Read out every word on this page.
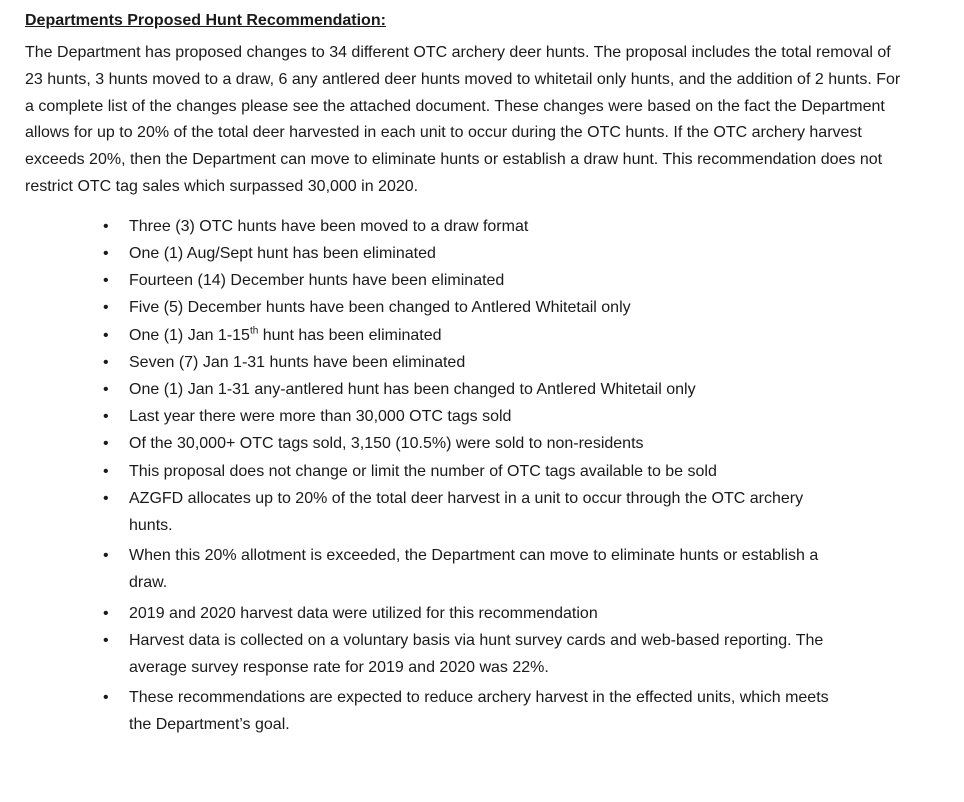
Departments Proposed Hunt Recommendation:

The Department has proposed changes to 34 different OTC archery deer hunts. The proposal includes the total removal of 23 hunts, 3 hunts moved to a draw, 6 any antlered deer hunts moved to whitetail only hunts, and the addition of 2 hunts. For a complete list of the changes please see the attached document. These changes were based on the fact the Department allows for up to 20% of the total deer harvested in each unit to occur during the OTC hunts. If the OTC archery harvest exceeds 20%, then the Department can move to eliminate hunts or establish a draw hunt. This recommendation does not restrict OTC tag sales which surpassed 30,000 in 2020.

• Three (3) OTC hunts have been moved to a draw format
• One (1) Aug/Sept hunt has been eliminated
• Fourteen (14) December hunts have been eliminated
• Five (5) December hunts have been changed to Antlered Whitetail only
• One (1) Jan 1-15th hunt has been eliminated
• Seven (7) Jan 1-31 hunts have been eliminated
• One (1) Jan 1-31 any-antlered hunt has been changed to Antlered Whitetail only
• Last year there were more than 30,000 OTC tags sold
• Of the 30,000+ OTC tags sold, 3,150 (10.5%) were sold to non-residents
• This proposal does not change or limit the number of OTC tags available to be sold
• AZGFD allocates up to 20% of the total deer harvest in a unit to occur through the OTC archery hunts.
• When this 20% allotment is exceeded, the Department can move to eliminate hunts or establish a draw.
• 2019 and 2020 harvest data were utilized for this recommendation
• Harvest data is collected on a voluntary basis via hunt survey cards and web-based reporting. The average survey response rate for 2019 and 2020 was 22%.
• These recommendations are expected to reduce archery harvest in the effected units, which meets the Department’s goal.
